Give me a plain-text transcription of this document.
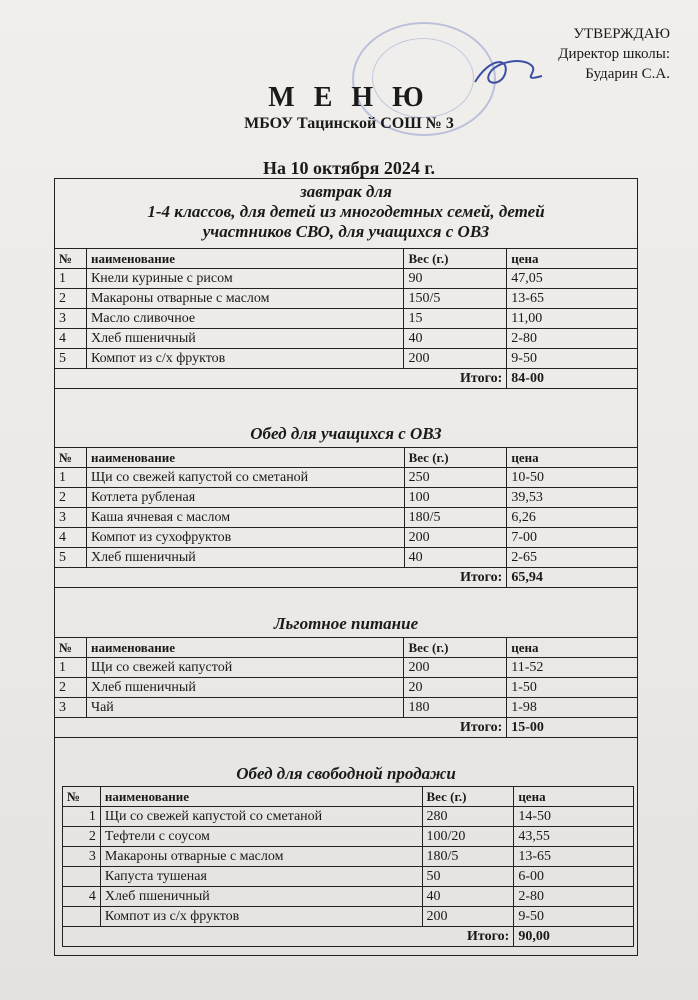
УТВЕРЖДАЮ
Директор школы:
Бударин С.А.
М Е Н Ю
МБОУ Тацинской СОШ № 3
На 10 октября 2024 г.
завтрак для
1-4 классов, для детей из многодетных семей, детей
участников СВО, для учащихся с ОВЗ
№	наименование	Вес (г.)	цена
1	Кнели куриные с рисом	90	47,05
2	Макароны отварные с маслом	150/5	13-65
3	Масло сливочное	15	11,00
4	Хлеб пшеничный	40	2-80
5	Компот из с/х фруктов	200	9-50
Итого:			84-00
Обед для учащихся с ОВЗ
№	наименование	Вес (г.)	цена
1	Щи со свежей капустой со сметаной	250	10-50
2	Котлета рубленая	100	39,53
3	Каша ячневая с маслом	180/5	6,26
4	Компот из сухофруктов	200	7-00
5	Хлеб пшеничный	40	2-65
Итого:			65,94
Льготное питание
№	наименование	Вес (г.)	цена
1	Щи со свежей капустой	200	11-52
2	Хлеб пшеничный	20	1-50
3	Чай	180	1-98
Итого:			15-00
Обед для свободной продажи
№	наименование	Вес (г.)	цена
1	Щи со свежей капустой со сметаной	280	14-50
2	Тефтели с соусом	100/20	43,55
3	Макароны отварные с маслом	180/5	13-65
	Капуста тушеная	50	6-00
4	Хлеб пшеничный	40	2-80
	Компот из с/х фруктов	200	9-50
Итого:			90,00
